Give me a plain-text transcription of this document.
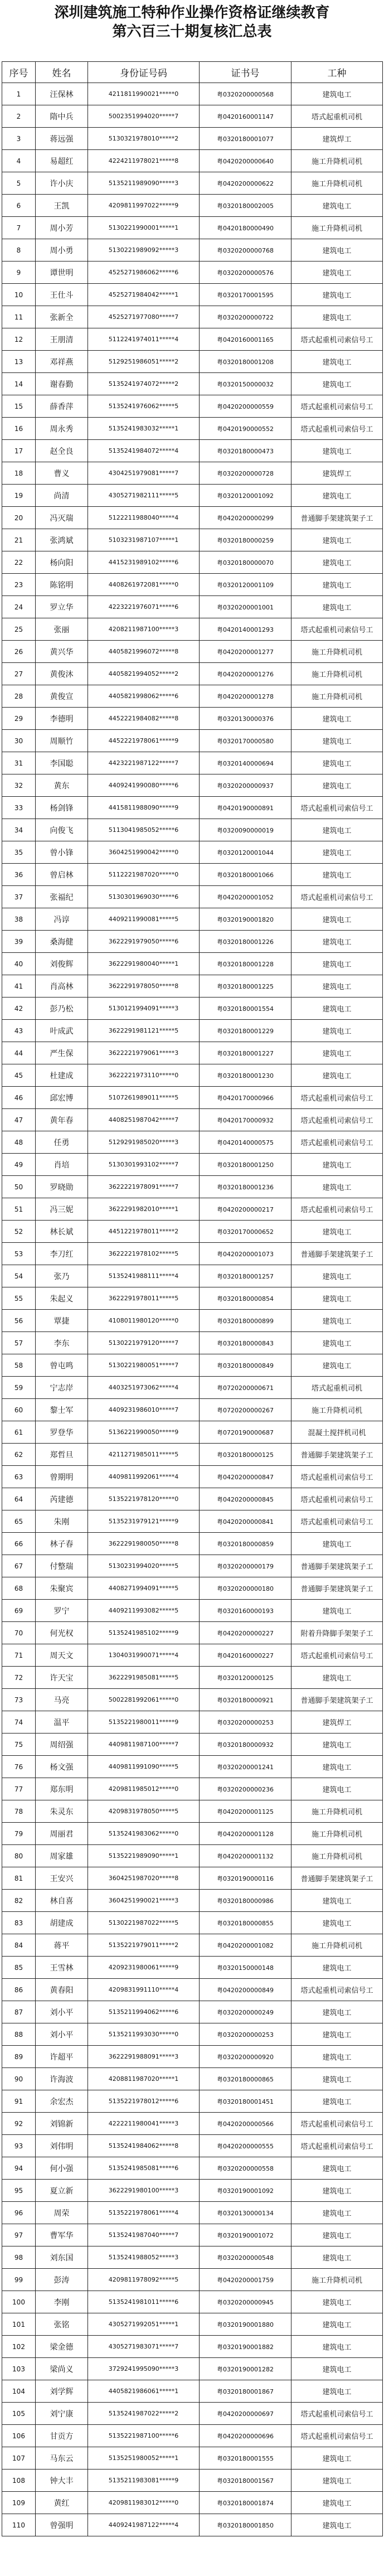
深圳建筑施工特种作业操作资格证继续教育
第六百三十期复核汇总表
序号	姓名	身份证号码	证书号	工种
1	汪保林	42118119900​21*****0	粤0320200000568	建筑电工
2	隋中兵	50023519940​20*****7	粤0420160001147	塔式起重机司机
3	蒋远强	51303219780​10*****2	粤0320180001077	建筑焊工
4	易超红	42242119780​21*****8	粤0420200000640	施工升降机司机
5	许小庆	51352119890​90*****3	粤0420200000622	施工升降机司机
6	王凯	42098119970​22*****9	粤0320180002005	建筑电工
7	周小芳	51302219900​01*****1	粤0420180000490	施工升降机司机
8	周小勇	51302219890​92*****3	粤0320200000768	建筑电工
9	谭世明	45252719860​62*****6	粤0320200000576	建筑电工
10	王仕斗	45252719840​42*****1	粤0320170001595	建筑电工
11	张新全	45252719770​80*****7	粤0320200000722	建筑电工
12	王朋清	51122419740​11*****4	粤0420160001165	塔式起重机司索信号工
13	邓祥燕	51292519860​51*****2	粤0320180001208	建筑电工
14	谢春勤	51352419740​72*****2	粤0320150000032	建筑电工
15	薛香萍	51352419760​62*****5	粤0420200000559	塔式起重机司索信号工
16	周永秀	51352419830​32*****1	粤0420190000552	塔式起重机司索信号工
17	赵全良	51352419840​72*****4	粤0320180000473	建筑电工
18	曹义	43042519790​81*****7	粤0320200000728	建筑焊工
19	尚清	43052719821​11*****5	粤0320120001092	建筑电工
20	冯灭瑞	51222119880​40*****4	粤0420200000299	普通脚手架建筑架子工
21	张鸿斌	51032319871​07*****1	粤0320180000259	建筑电工
22	杨向阳	44152319891​02*****6	粤0320180000070	建筑电工
23	陈铭明	44082619720​81*****0	粤0320120001109	建筑电工
24	罗立华	42232219760​71*****6	粤0320200001001	建筑电工
25	张丽	42082119871​00*****3	粤0420140001293	塔式起重机司索信号工
26	黄兴华	44058219960​72*****8	粤0420200001277	施工升降机司机
27	黄俊沐	44058219940​52*****2	粤0420200001276	施工升降机司机
28	黄俊宣	44058219980​62*****6	粤0420200001278	施工升降机司机
29	李德明	44522219840​82*****8	粤0320130000376	建筑电工
30	周顺竹	44522219780​61*****9	粤0320170000580	建筑电工
31	李国聪	44232219871​22*****7	粤0320140000694	建筑电工
32	黄东	44092419900​80*****6	粤0320200000937	建筑电工
33	杨剑锋	44158119880​90*****9	粤0420190000891	塔式起重机司索信号工
34	向俊飞	51130419850​52*****6	粤0320090000019	建筑电工
35	曾小锋	36042519900​42*****0	粤0320120001044	建筑电工
36	曾启林	51122219870​20*****0	粤0320180001066	建筑电工
37	张福纪	51303019690​30*****6	粤0420200001052	塔式起重机司索信号工
38	冯谆	44092119900​81*****5	粤0320190001820	建筑电工
39	桑海健	36222919790​50*****6	粤0320180001226	建筑电工
40	刘俊辉	36222919800​40*****1	粤0320180001228	建筑电工
41	肖高林	36222919780​50*****8	粤0320180001225	建筑电工
42	彭乃松	51301219940​91*****3	粤0320180001554	建筑电工
43	叶成武	36222919811​21*****5	粤0320180001229	建筑电工
44	严生保	36222219790​61*****3	粤0320180001227	建筑电工
45	杜建成	36222219731​10*****0	粤0320180001230	建筑电工
46	邱宏博	51072619890​11*****5	粤0420170000966	塔式起重机司索信号工
47	黄年春	44082519870​42*****7	粤0420170000932	塔式起重机司索信号工
48	任勇	51292919850​20*****3	粤0420140000575	塔式起重机司索信号工
49	肖培	51303019931​02*****7	粤0320180001250	建筑电工
50	罗晓勋	36222219780​91*****7	粤0320180001236	建筑电工
51	冯三妮	36222919820​10*****1	粤0420200000217	塔式起重机司索信号工
52	林长斌	44512219780​11*****2	粤0320170000652	建筑电工
53	李刀红	36222219781​02*****5	粤0420200001073	普通脚手架建筑架子工
54	张乃	51352419881​11*****4	粤0320180001257	建筑电工
55	朱起义	36222919780​11*****5	粤0320180000854	建筑电工
56	覃捷	41080119801​20*****0	粤0320180000899	建筑电工
57	李东	51302219791​20*****7	粤0320180000843	建筑电工
58	曾屯鸣	51302219800​51*****7	粤0320180000849	建筑电工
59	宁志岸	44032519730​62*****4	粤0720200000671	塔式起重机司机
60	黎士军	44092319860​10*****7	粤0720200000267	施工升降机司机
61	罗登华	51362219900​50*****9	粤0720190000687	混凝土搅拌机司机
62	郑哲旦	42112719850​11*****5	粤0320180000125	普通脚手架建筑架子工
63	曾期明	44098119920​61*****4	粤0420200000847	塔式起重机司索信号工
64	芮建德	51352219781​20*****0	粤0420200000845	塔式起重机司索信号工
65	朱刚	51352319791​21*****9	粤0420200000841	塔式起重机司索信号工
66	林子春	36222919800​50*****8	粤0320180000859	建筑电工
67	付整瑞	51302319940​20*****5	粤0320200000179	普通脚手架建筑架子工
68	朱聚宾	44082719940​91*****5	粤0320200000180	普通脚手架建筑架子工
69	罗宁	44092119930​82*****5	粤0320160000193	建筑电工
70	何光权	51352419851​02*****9	粤0420200000227	附着升降脚手架架子工
71	周天文	13040319900​71*****4	粤0420160000227	塔式起重机司索信号工
72	许天宝	36222919850​81*****5	粤0320120000125	建筑电工
73	马亮	50022819920​61*****0	粤0320180000921	普通脚手架建筑架子工
74	温平	51352219800​11*****9	粤0320200000253	建筑焊工
75	周绍强	44098119871​00*****7	粤0320180000932	建筑电工
76	杨文强	44098119910​90*****5	粤0320200001241	建筑电工
77	郑东明	42098119850​12*****0	粤0320200000236	建筑电工
78	朱灵东	42098319780​50*****5	粤0420200001125	施工升降机司机
79	周丽君	51352419830​62*****0	粤0420200001128	施工升降机司机
80	周家雄	51352219890​90*****1	粤0420200001132	施工升降机司机
81	王安兴	36042519870​20*****8	粤0320190000116	普通脚手架建筑架子工
82	林自喜	36042519900​21*****3	粤0320180000986	建筑电工
83	胡建成	51302219870​22*****5	粤0320180000855	建筑电工
84	蒋平	51352219790​11*****2	粤0420200001082	施工升降机司机
85	王雪林	42092319800​61*****9	粤0320150000148	建筑电工
86	黄春阳	42098319911​10*****4	粤0420200000849	塔式起重机司索信号工
87	刘小平	51352119940​62*****6	粤0320200000249	建筑电工
88	刘小平	51352119930​30*****0	粤0320200000253	建筑电工
89	许超平	36222919880​91*****3	粤0320200000920	建筑电工
90	许海波	42088119870​20*****1	粤0320180000865	建筑电工
91	余宏杰	51352219780​12*****6	粤0320180001451	建筑电工
92	刘锦新	42222119800​41*****3	粤0420200000566	塔式起重机司索信号工
93	刘伟明	51352419840​62*****8	粤0420200000555	塔式起重机司索信号工
94	何小强	51352419850​81*****6	粤0320200000558	建筑电工
95	夏立新	36222919801​00*****3	粤0320190001092	建筑电工
96	周荣	51352219780​61*****4	粤0320130000134	建筑电工
97	曹军华	51352419870​40*****7	粤0320190001072	建筑电工
98	刘东国	51352419880​52*****3	粤0320200000548	建筑电工
99	彭涛	42098119780​92*****5	粤0420200001759	施工升降机司机
100	李刚	51352419810​11*****6	粤0320200000945	建筑电工
101	张铭	43052719920​51*****1	粤0320190001880	建筑电工
102	梁金德	43052719830​71*****7	粤0320190001882	建筑电工
103	梁尚义	37292419950​90*****3	粤0320190001282	建筑电工
104	刘学辉	44058219860​61*****1	粤0320180001867	建筑电工
105	刘宁康	51352419870​22*****2	粤0420200000697	塔式起重机司索信号工
106	甘贡方	51352219871​00*****6	粤0420200000696	塔式起重机司索信号工
107	马东云	51352519800​52*****1	粤0320180001555	建筑电工
108	钟大丰	51352119830​81*****9	粤0320180001567	建筑电工
109	黄红	42098119830​12*****0	粤0320180001874	建筑电工
110	曾强明	44092419871​22*****4	粤0320180001850	建筑电工
